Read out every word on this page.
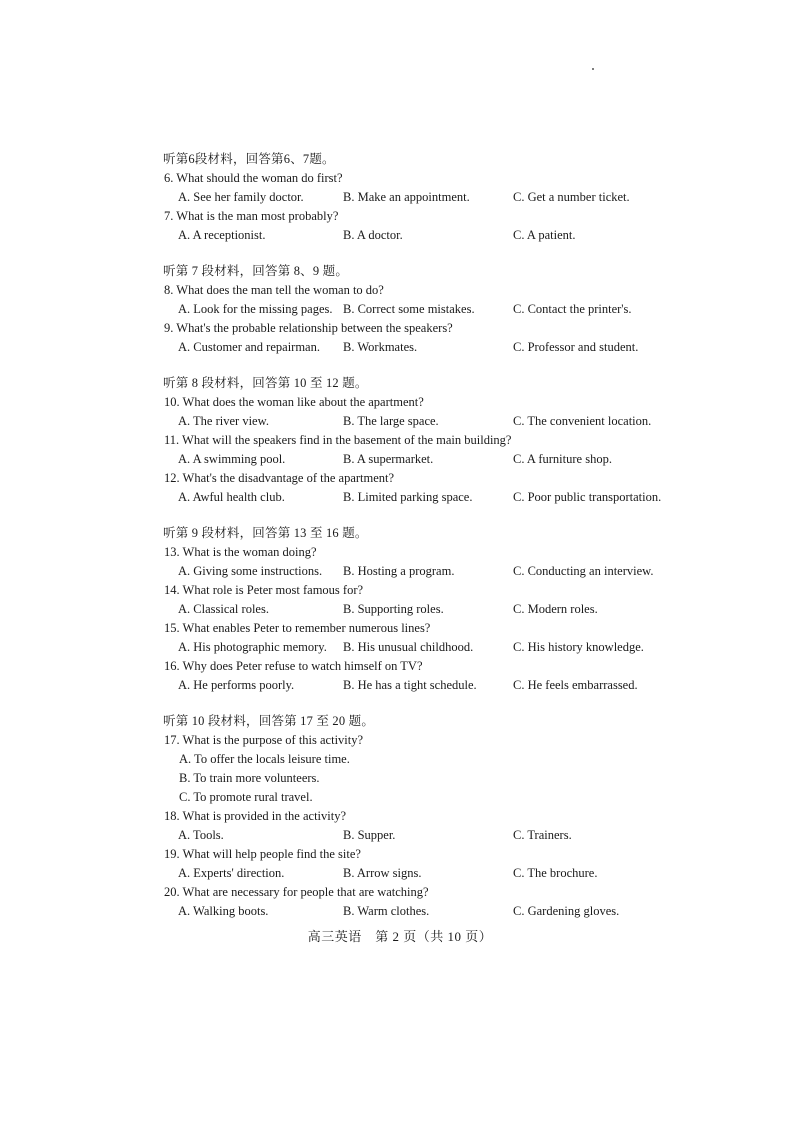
听第6段材料，回答第6、7题。
6. What should the woman do first?
A. See her family doctor.	B. Make an appointment.	C. Get a number ticket.
7. What is the man most probably?
A. A receptionist.	B. A doctor.	C. A patient.
听第 7 段材料，回答第 8、9 题。
8. What does the man tell the woman to do?
A. Look for the missing pages. B. Correct some mistakes.	C. Contact the printer's.
9. What's the probable relationship between the speakers?
A. Customer and repairman. B. Workmates.	C. Professor and student.
听第 8 段材料，回答第 10 至 12 题。
10. What does the woman like about the apartment?
A. The river view.	B. The large space.	C. The convenient location.
11. What will the speakers find in the basement of the main building?
A. A swimming pool.	B. A supermarket.	C. A furniture shop.
12. What's the disadvantage of the apartment?
A. Awful health club.	B. Limited parking space.	C. Poor public transportation.
听第 9 段材料，回答第 13 至 16 题。
13. What is the woman doing?
A. Giving some instructions. B. Hosting a program.	C. Conducting an interview.
14. What role is Peter most famous for?
A. Classical roles.	B. Supporting roles.	C. Modern roles.
15. What enables Peter to remember numerous lines?
A. His photographic memory. B. His unusual childhood.	C. His history knowledge.
16. Why does Peter refuse to watch himself on TV?
A. He performs poorly.	B. He has a tight schedule.	C. He feels embarrassed.
听第 10 段材料，回答第 17 至 20 题。
17. What is the purpose of this activity?
A. To offer the locals leisure time.
B. To train more volunteers.
C. To promote rural travel.
18. What is provided in the activity?
A. Tools.	B. Supper.	C. Trainers.
19. What will help people find the site?
A. Experts' direction.	B. Arrow signs.	C. The brochure.
20. What are necessary for people that are watching?
A. Walking boots.	B. Warm clothes.	C. Gardening gloves.
高三英语　第 2 页（共 10 页）
